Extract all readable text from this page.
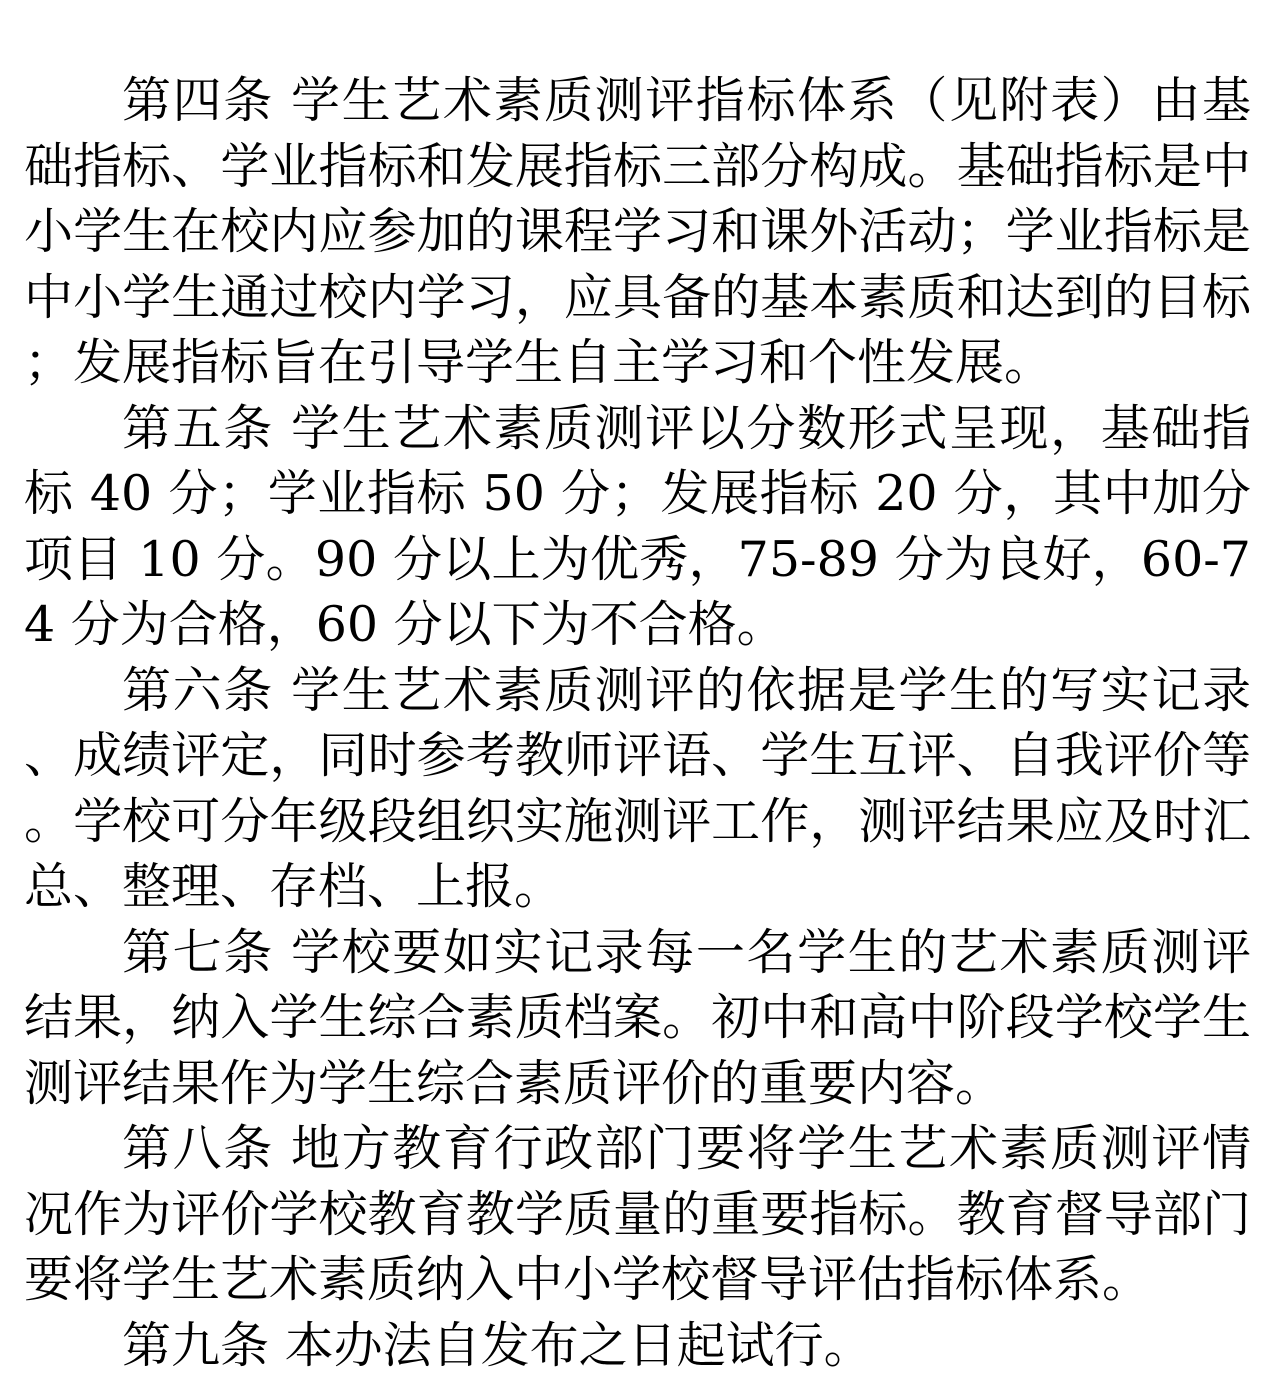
第四条 学生艺术素质测评指标体系（见附表）由基础指标、学业指标和发展指标三部分构成。基础指标是中小学生在校内应参加的课程学习和课外活动；学业指标是中小学生通过校内学习，应具备的基本素质和达到的目标；发展指标旨在引导学生自主学习和个性发展。

第五条 学生艺术素质测评以分数形式呈现，基础指标 40 分；学业指标 50 分；发展指标 20 分，其中加分项目 10 分。90 分以上为优秀，75-89 分为良好，60-74 分为合格，60 分以下为不合格。

第六条 学生艺术素质测评的依据是学生的写实记录、成绩评定，同时参考教师评语、学生互评、自我评价等。学校可分年级段组织实施测评工作，测评结果应及时汇总、整理、存档、上报。

第七条 学校要如实记录每一名学生的艺术素质测评结果，纳入学生综合素质档案。初中和高中阶段学校学生测评结果作为学生综合素质评价的重要内容。

第八条 地方教育行政部门要将学生艺术素质测评情况作为评价学校教育教学质量的重要指标。教育督导部门要将学生艺术素质纳入中小学校督导评估指标体系。

第九条 本办法自发布之日起试行。
